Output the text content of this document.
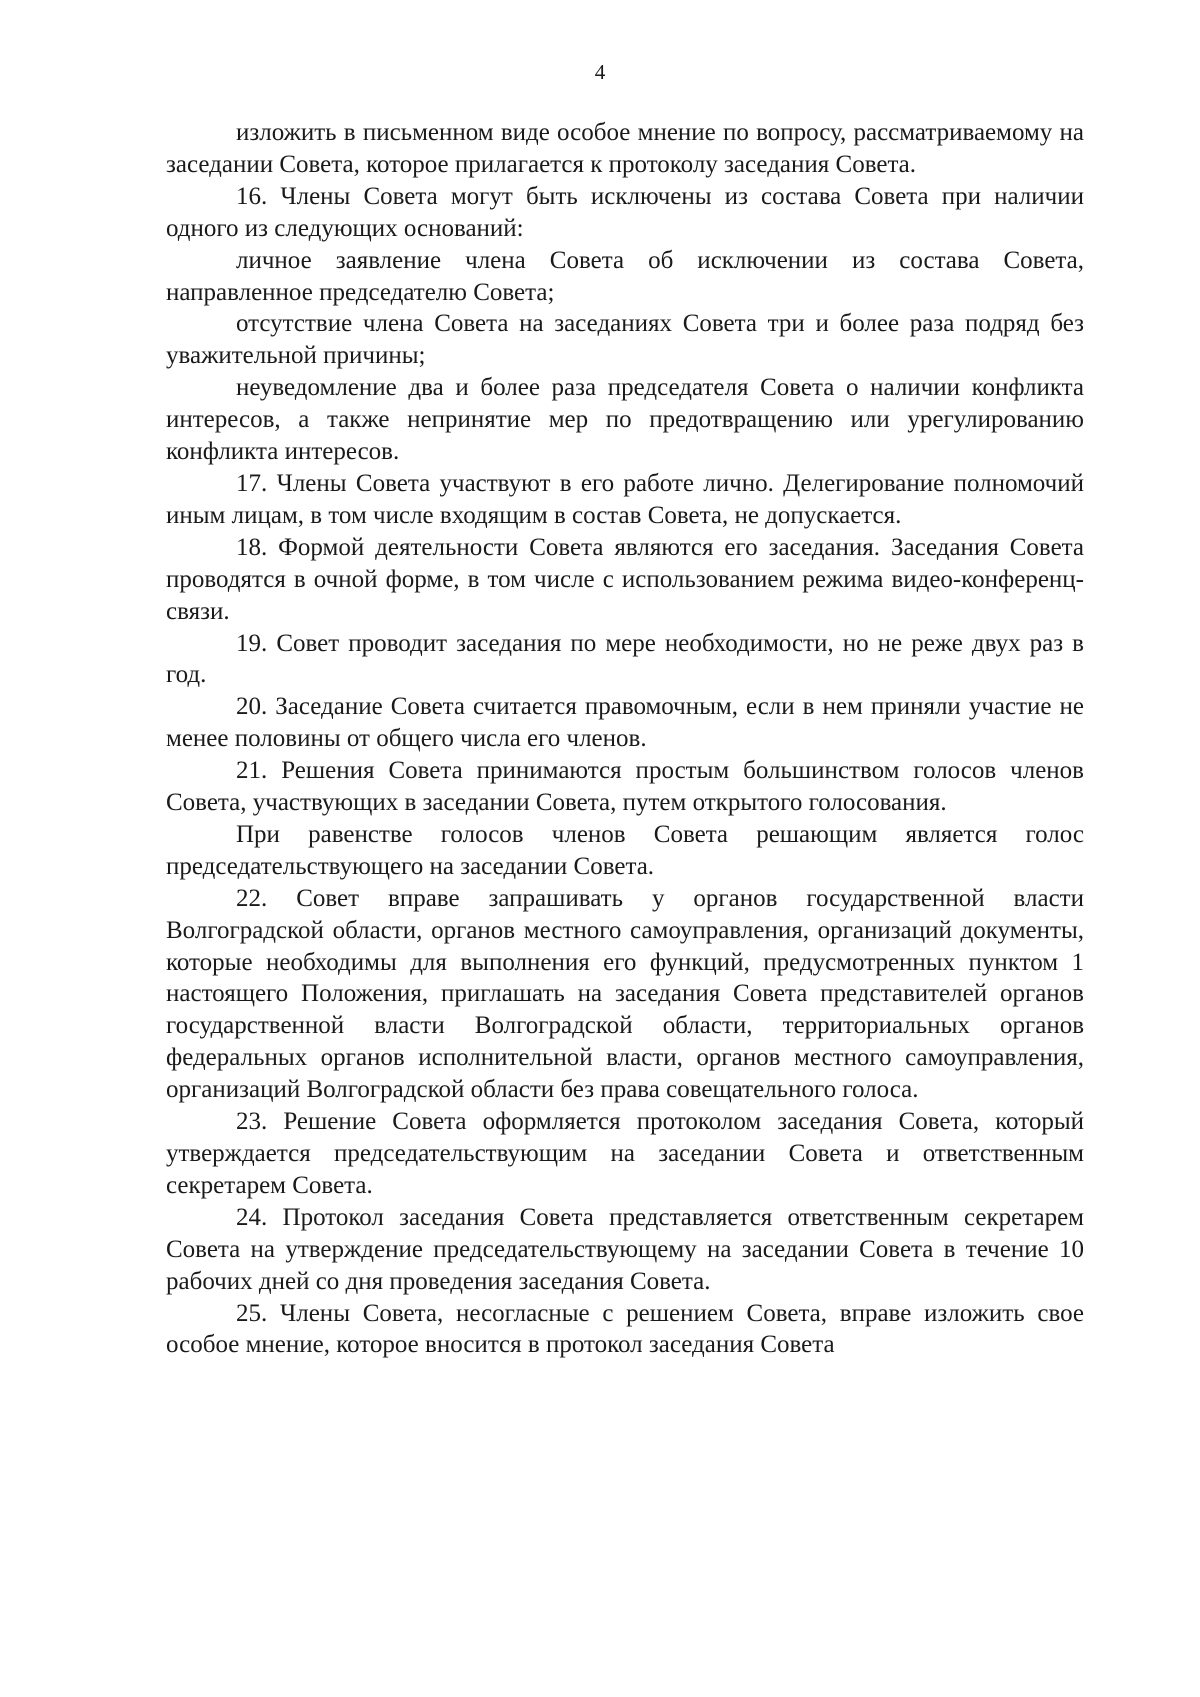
4

изложить в письменном виде особое мнение по вопросу, рассматриваемому на заседании Совета, которое прилагается к протоколу заседания Совета.

16. Члены Совета могут быть исключены из состава Совета при наличии одного из следующих оснований:

личное заявление члена Совета об исключении из состава Совета, направленное председателю Совета;

отсутствие члена Совета на заседаниях Совета три и более раза подряд без уважительной причины;

неуведомление два и более раза председателя Совета о наличии конфликта интересов, а также непринятие мер по предотвращению или урегулированию конфликта интересов.

17. Члены Совета участвуют в его работе лично. Делегирование полномочий иным лицам, в том числе входящим в состав Совета, не допускается.

18. Формой деятельности Совета являются его заседания. Заседания Совета проводятся в очной форме, в том числе с использованием режима видео-конференц-связи.

19. Совет проводит заседания по мере необходимости, но не реже двух раз в год.

20. Заседание Совета считается правомочным, если в нем приняли участие не менее половины от общего числа его членов.

21. Решения Совета принимаются простым большинством голосов членов Совета, участвующих в заседании Совета, путем открытого голосования.

При равенстве голосов членов Совета решающим является голос председательствующего на заседании Совета.

22. Совет вправе запрашивать у органов государственной власти Волгоградской области, органов местного самоуправления, организаций документы, которые необходимы для выполнения его функций, предусмотренных пунктом 1 настоящего Положения, приглашать на заседания Совета представителей органов государственной власти Волгоградской области, территориальных органов федеральных органов исполнительной власти, органов местного самоуправления, организаций Волгоградской области без права совещательного голоса.

23. Решение Совета оформляется протоколом заседания Совета, который утверждается председательствующим на заседании Совета и ответственным секретарем Совета.

24. Протокол заседания Совета представляется ответственным секретарем Совета на утверждение председательствующему на заседании Совета в течение 10 рабочих дней со дня проведения заседания Совета.

25. Члены Совета, несогласные с решением Совета, вправе изложить свое особое мнение, которое вносится в протокол заседания Совета
